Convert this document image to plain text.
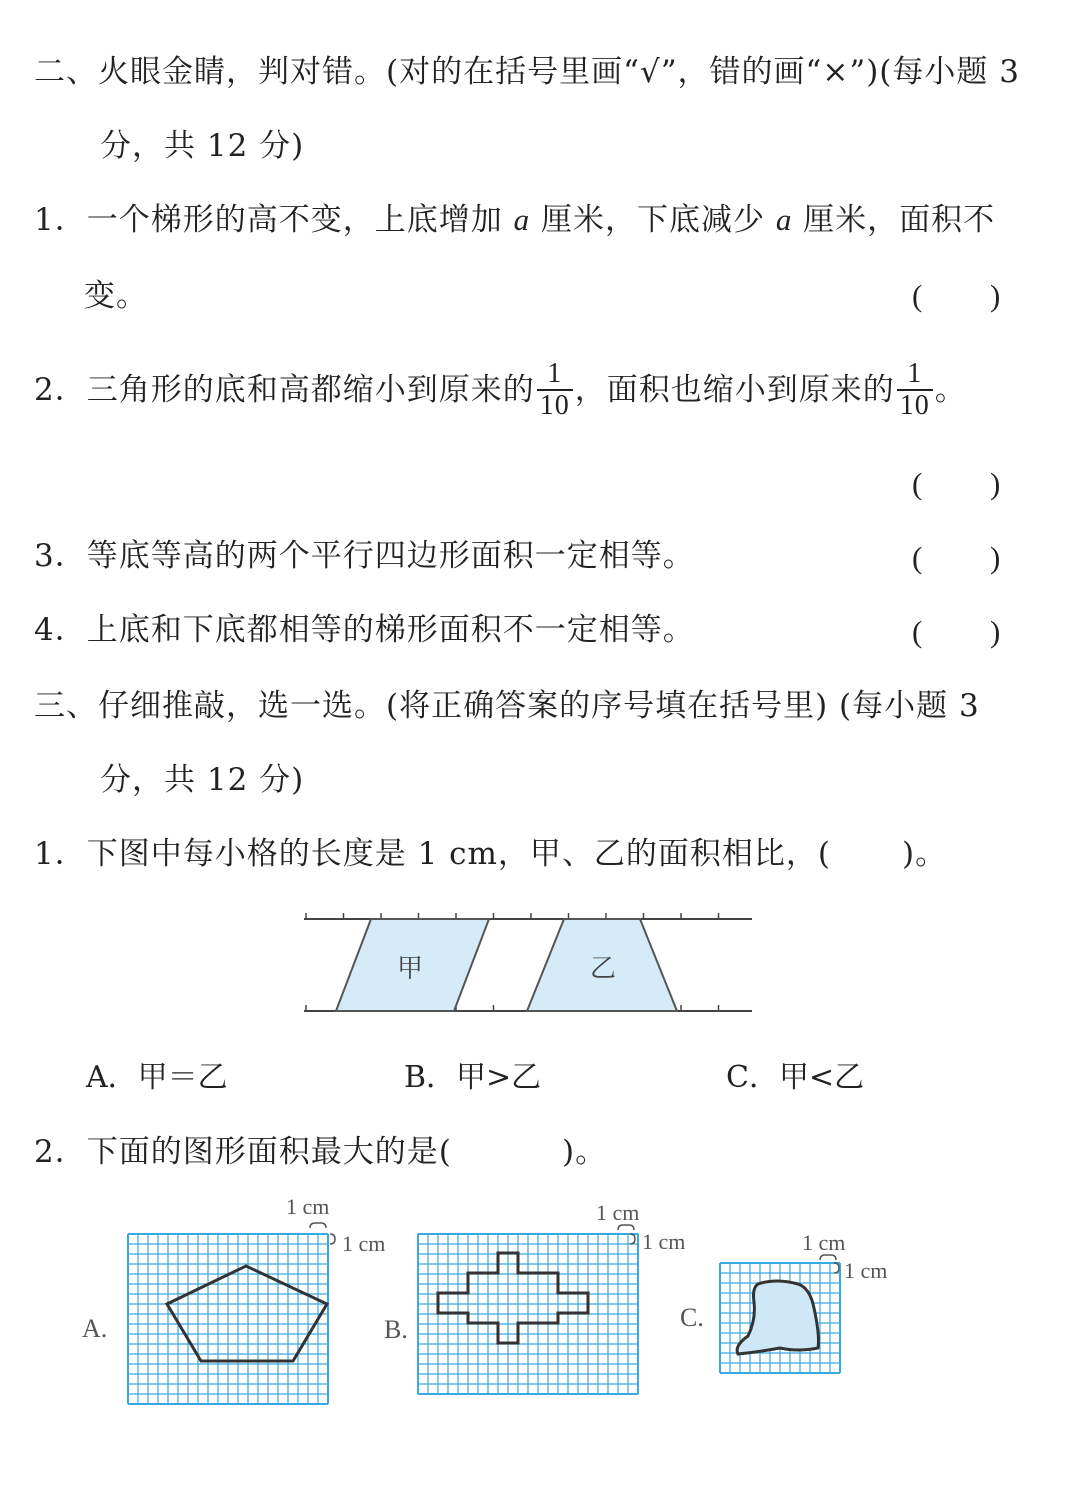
二、火眼金睛，判对错。(对的在括号里画“√”，错的画“×”)(每小题 3
分，共 12 分)
1．一个梯形的高不变，上底增加 a 厘米，下底减少 a 厘米，面积不
变。	( )
2．三角形的底和高都缩小到原来的 $\frac{1}{10}$ ，面积也缩小到原来的 $\frac{1}{10}$ 。
( )
3．等底等高的两个平行四边形面积一定相等。	( )
4．上底和下底都相等的梯形面积不一定相等。	( )
三、仔细推敲，选一选。(将正确答案的序号填在括号里) (每小题 3
分，共 12 分)
1．下图中每小格的长度是 1 cm，甲、乙的面积相比，( )。
甲	乙
A．甲＝乙	B．甲>乙	C．甲<乙
2．下面的图形面积最大的是(	)。
A.
1 cm
1 cm
B.
1 cm
1 cm
C.
1 cm
1 cm
